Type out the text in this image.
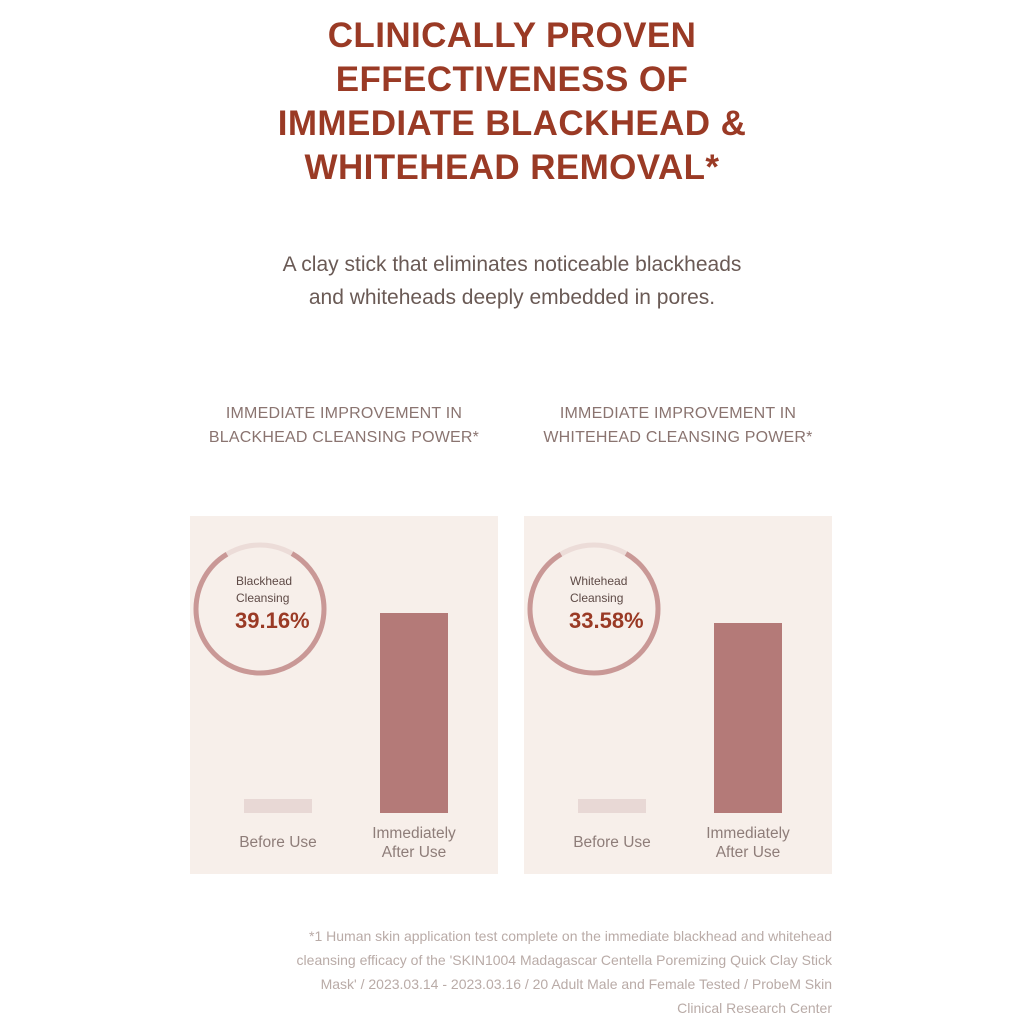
CLINICALLY PROVEN
EFFECTIVENESS OF
IMMEDIATE BLACKHEAD &
WHITEHEAD REMOVAL*
A clay stick that eliminates noticeable blackheads
and whiteheads deeply embedded in pores.
IMMEDIATE IMPROVEMENT IN
BLACKHEAD CLEANSING POWER*
IMMEDIATE IMPROVEMENT IN
WHITEHEAD CLEANSING POWER*
Before Use
Immediately
After Use
Blackhead
Cleansing
39.16%
Before Use
Immediately
After Use
Whitehead
Cleansing
33.58%
*1 Human skin application test complete on the immediate blackhead and whitehead
cleansing efficacy of the 'SKIN1004 Madagascar Centella Poremizing Quick Clay Stick
Mask' / 2023.03.14 - 2023.03.16 / 20 Adult Male and Female Tested / ProbeM Skin
Clinical Research Center
